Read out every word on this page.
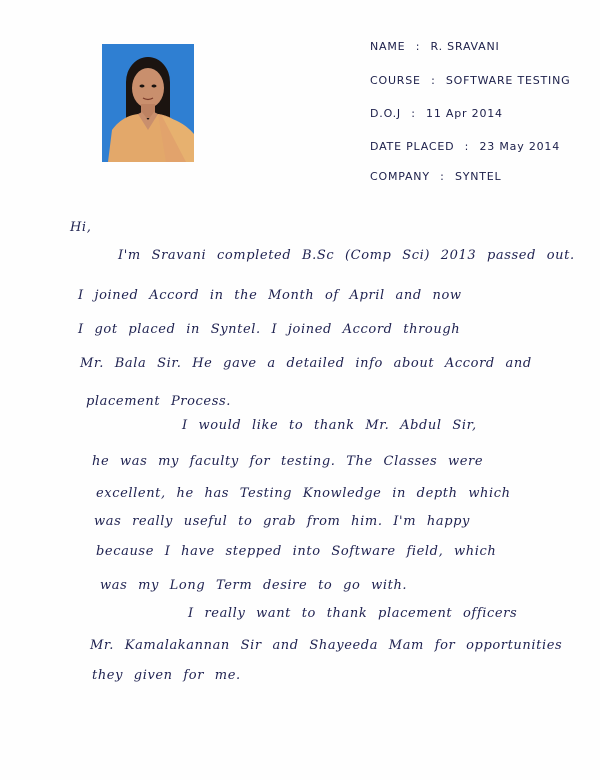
NAME : R. SRAVANI
COURSE : SOFTWARE TESTING
D.O.J : 11 Apr 2014
DATE PLACED : 23 May 2014
COMPANY : SYNTEL
Hi,
I'm Sravani completed B.Sc (Comp Sci) 2013 passed out.
I joined Accord in the Month of April and now
I got placed in Syntel. I joined Accord through
Mr. Bala Sir. He gave a detailed info about Accord and
placement Process.
I would like to thank Mr. Abdul Sir,
he was my faculty for testing. The Classes were
excellent, he has Testing Knowledge in depth which
was really useful to grab from him. I'm happy
because I have stepped into Software field, which
was my Long Term desire to go with.
I really want to thank placement officers
Mr. Kamalakannan Sir and Shayeeda Mam for opportunities
they given for me.
